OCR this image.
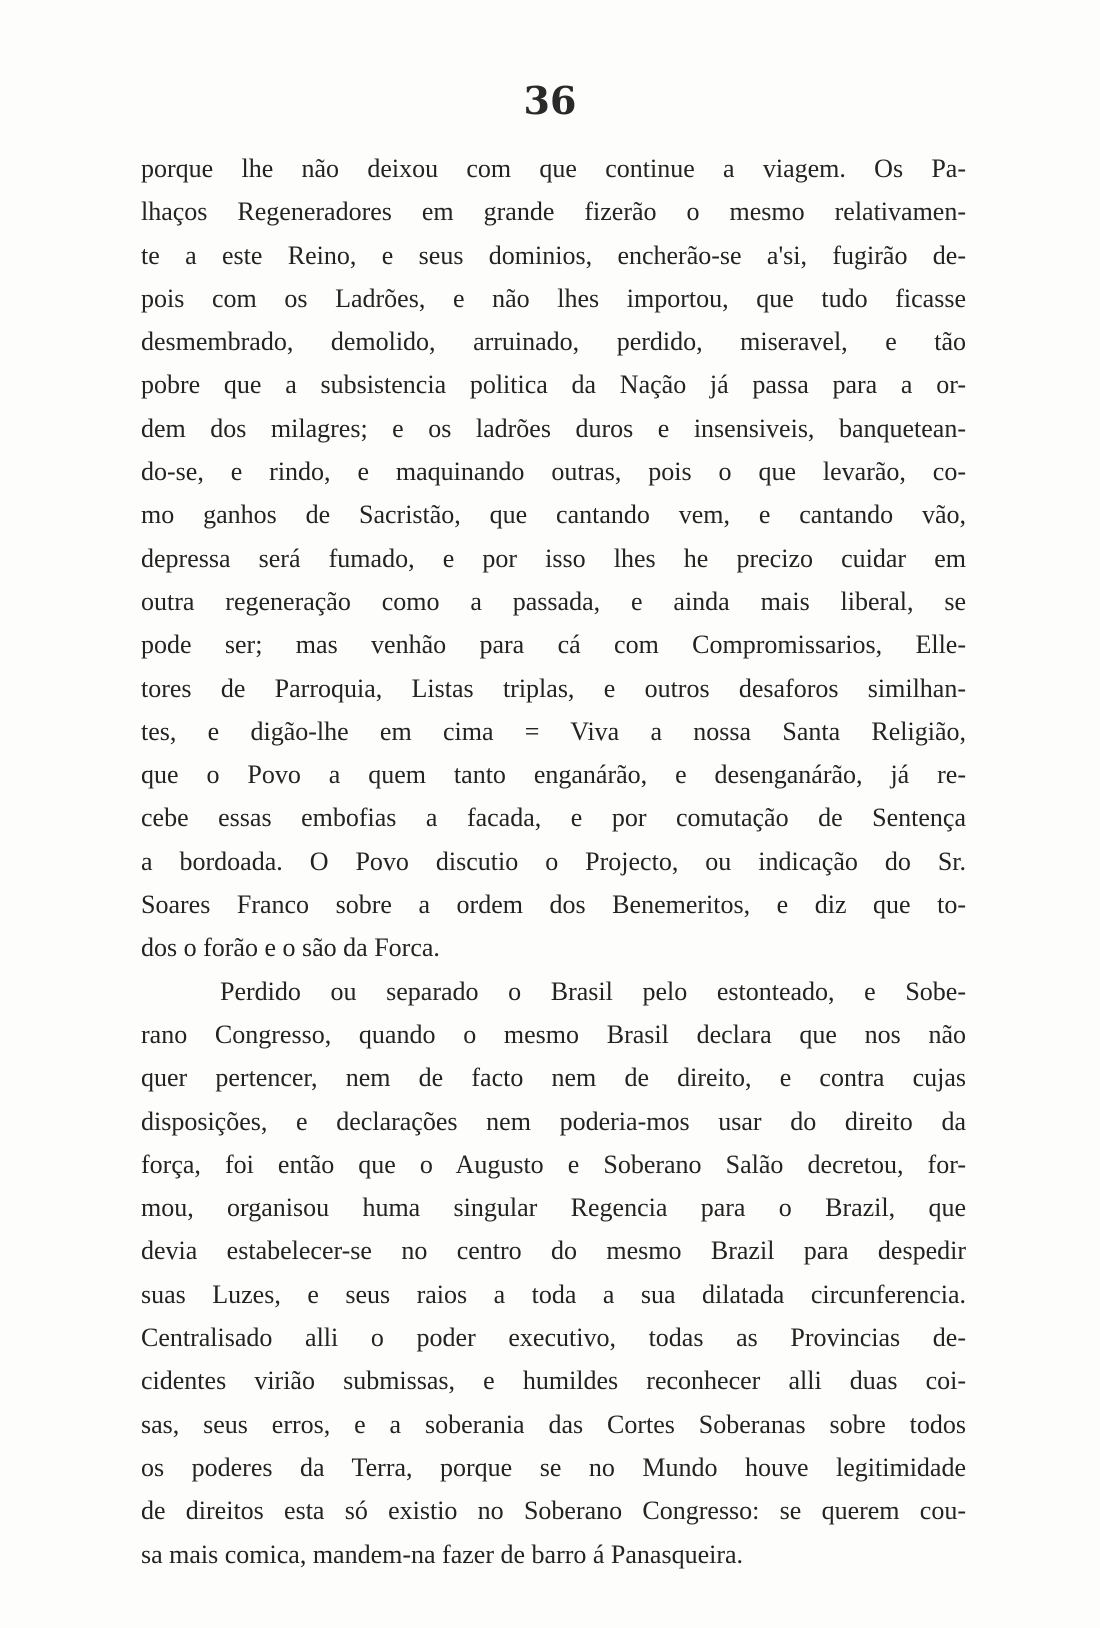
36
porque lhe não deixou com que continue a viagem. Os Pa-
lhaços Regeneradores em grande fizerão o mesmo relativamen-
te a este Reino, e seus dominios, encherão-se a'si, fugirão de-
pois com os Ladrões, e não lhes importou, que tudo ficasse
desmembrado, demolido, arruinado, perdido, miseravel, e tão
pobre que a subsistencia politica da Nação já passa para a or-
dem dos milagres; e os ladrões duros e insensiveis, banquetean-
do-se, e rindo, e maquinando outras, pois o que levarão, co-
mo ganhos de Sacristão, que cantando vem, e cantando vão,
depressa será fumado, e por isso lhes he precizo cuidar em
outra regeneração como a passada, e ainda mais liberal, se
pode ser; mas venhão para cá com Compromissarios, Elle-
tores de Parroquia, Listas triplas, e outros desaforos similhan-
tes, e digão-lhe em cima = Viva a nossa Santa Religião,
que o Povo a quem tanto enganárão, e desenganárão, já re-
cebe essas embofias a facada, e por comutação de Sentença
a bordoada. O Povo discutio o Projecto, ou indicação do Sr.
Soares Franco sobre a ordem dos Benemeritos, e diz que to-
dos o forão e o são da Forca.
Perdido ou separado o Brasil pelo estonteado, e Sobe-
rano Congresso, quando o mesmo Brasil declara que nos não
quer pertencer, nem de facto nem de direito, e contra cujas
disposições, e declarações nem poderia-mos usar do direito da
força, foi então que o Augusto e Soberano Salão decretou, for-
mou, organisou huma singular Regencia para o Brazil, que
devia estabelecer-se no centro do mesmo Brazil para despedir
suas Luzes, e seus raios a toda a sua dilatada circunferencia.
Centralisado alli o poder executivo, todas as Provincias de-
cidentes virião submissas, e humildes reconhecer alli duas coi-
sas, seus erros, e a soberania das Cortes Soberanas sobre todos
os poderes da Terra, porque se no Mundo houve legitimidade
de direitos esta só existio no Soberano Congresso: se querem cou-
sa mais comica, mandem-na fazer de barro á Panasqueira.
